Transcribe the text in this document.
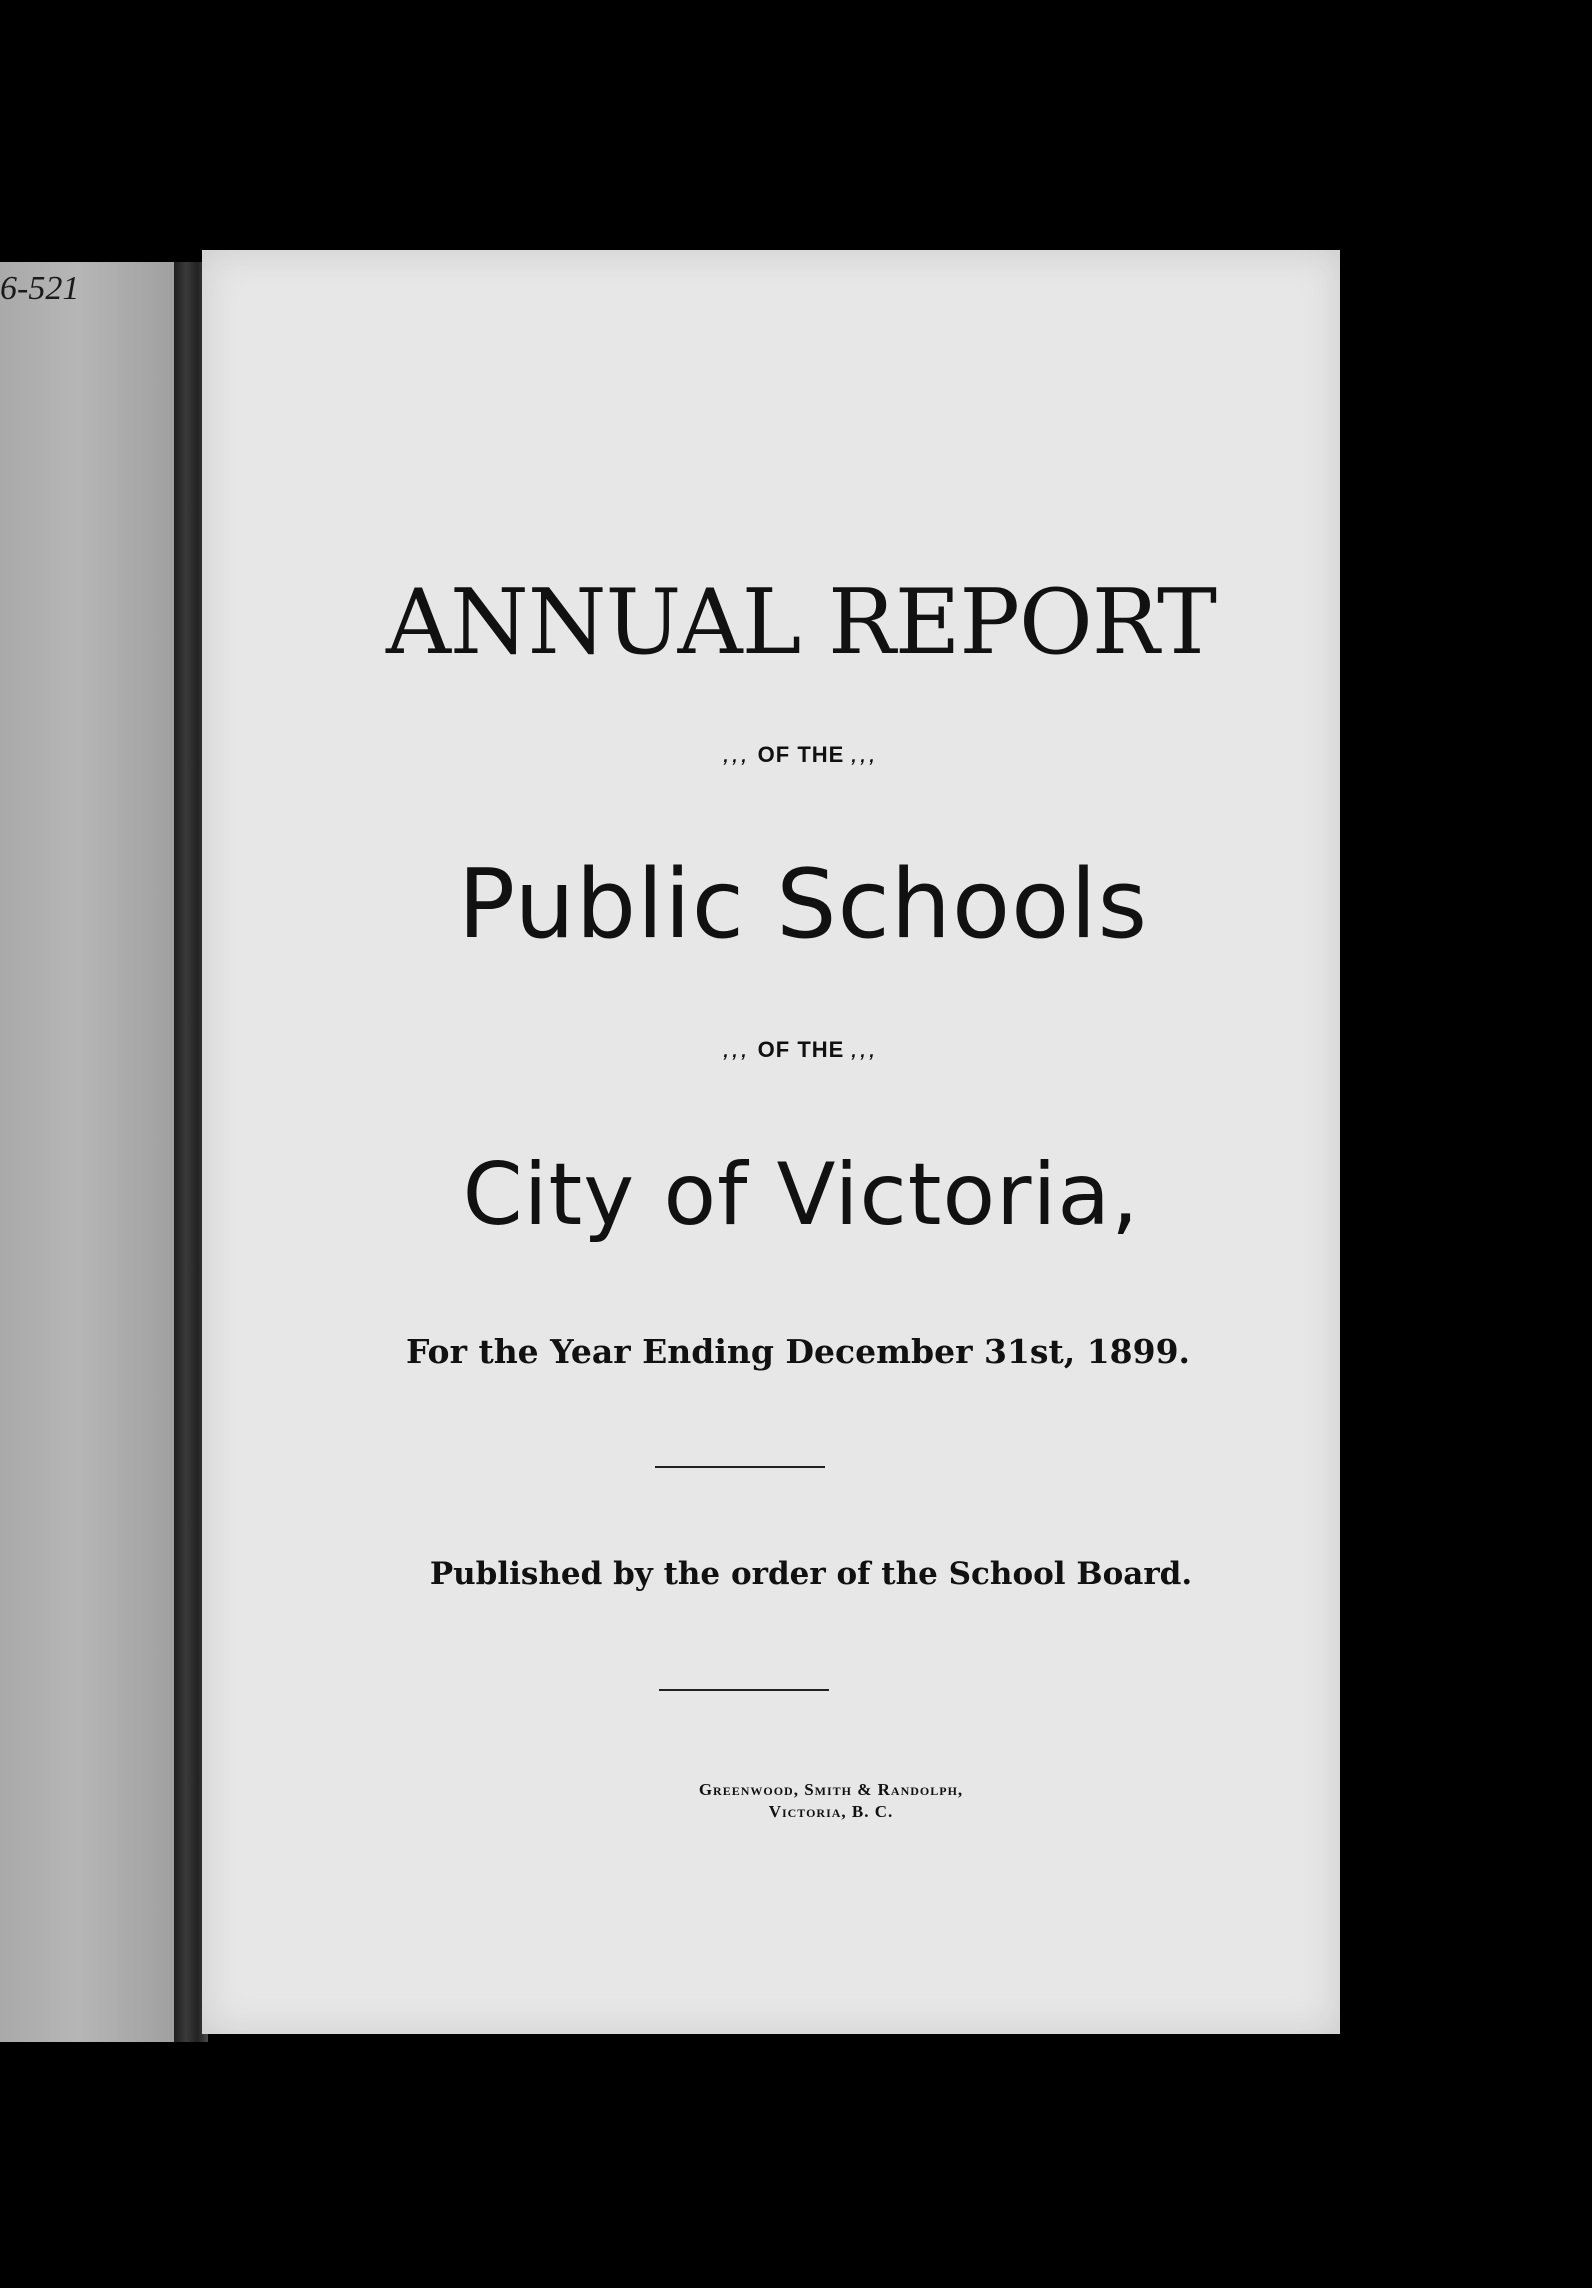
6-521
ANNUAL REPORT
,,, OF THE ,,,
Public Schools
,,, OF THE ,,,
City of Victoria,
For the Year Ending December 31st, 1899.
Published by the order of the School Board.
Greenwood, Smith & Randolph,
Victoria, B. C.
